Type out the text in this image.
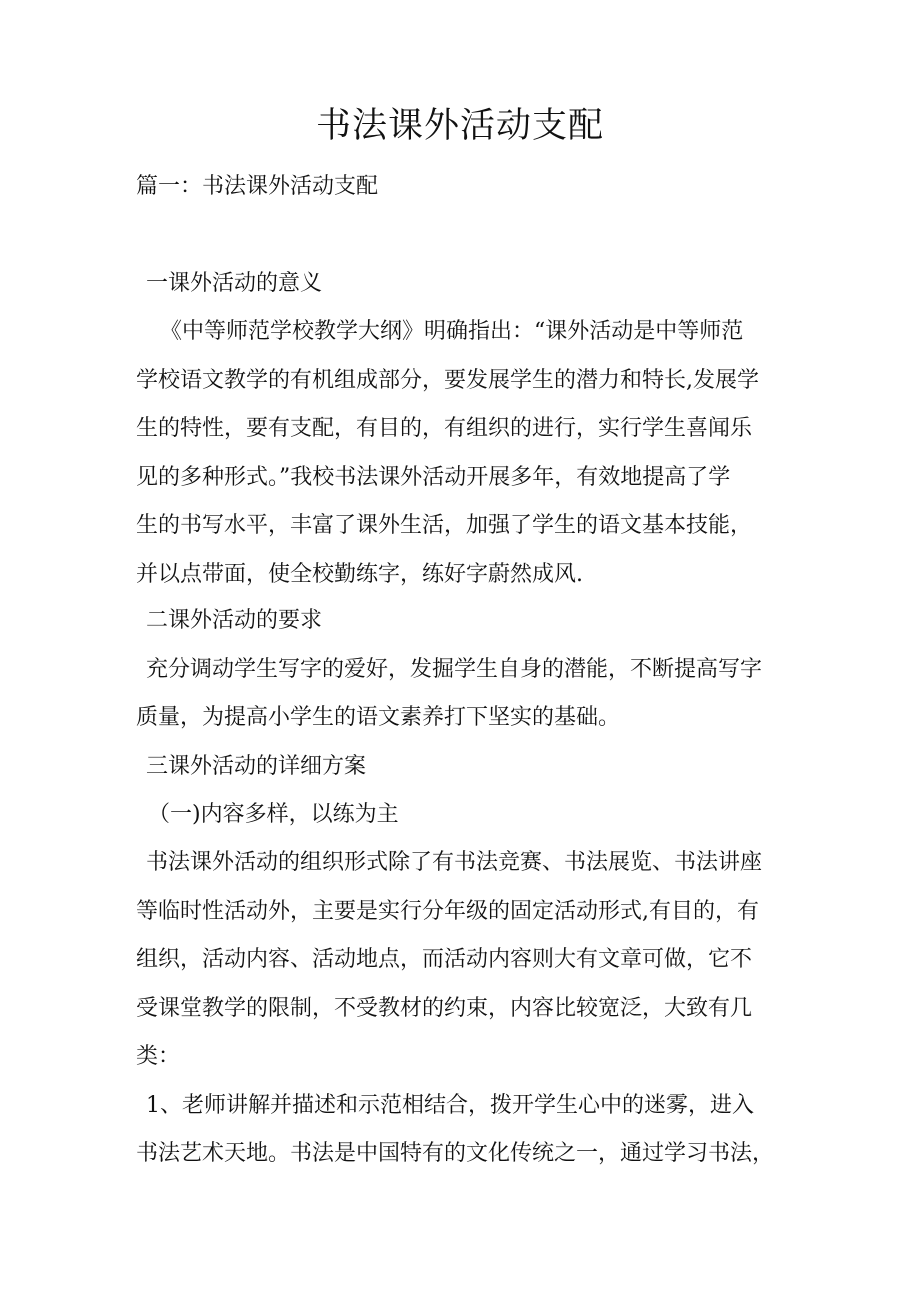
书法课外活动支配

篇一：书法课外活动支配

一课外活动的意义

《中等师范学校教学大纲》明确指出：“课外活动是中等师范

学校语文教学的有机组成部分，要发展学生的潜力和特长,发展学

生的特性，要有支配，有目的，有组织的进行，实行学生喜闻乐

见的多种形式。”我校书法课外活动开展多年，有效地提高了学

生的书写水平，丰富了课外生活，加强了学生的语文基本技能，

并以点带面，使全校勤练字，练好字蔚然成风.

二课外活动的要求

充分调动学生写字的爱好，发掘学生自身的潜能，不断提高写字

质量，为提高小学生的语文素养打下坚实的基础。

三课外活动的详细方案

（一)内容多样，以练为主

书法课外活动的组织形式除了有书法竞赛、书法展览、书法讲座

等临时性活动外，主要是实行分年级的固定活动形式,有目的，有

组织，活动内容、活动地点，而活动内容则大有文章可做，它不

受课堂教学的限制，不受教材的约束，内容比较宽泛，大致有几

类：

1、老师讲解并描述和示范相结合，拨开学生心中的迷雾，进入

书法艺术天地。书法是中国特有的文化传统之一，通过学习书法，
